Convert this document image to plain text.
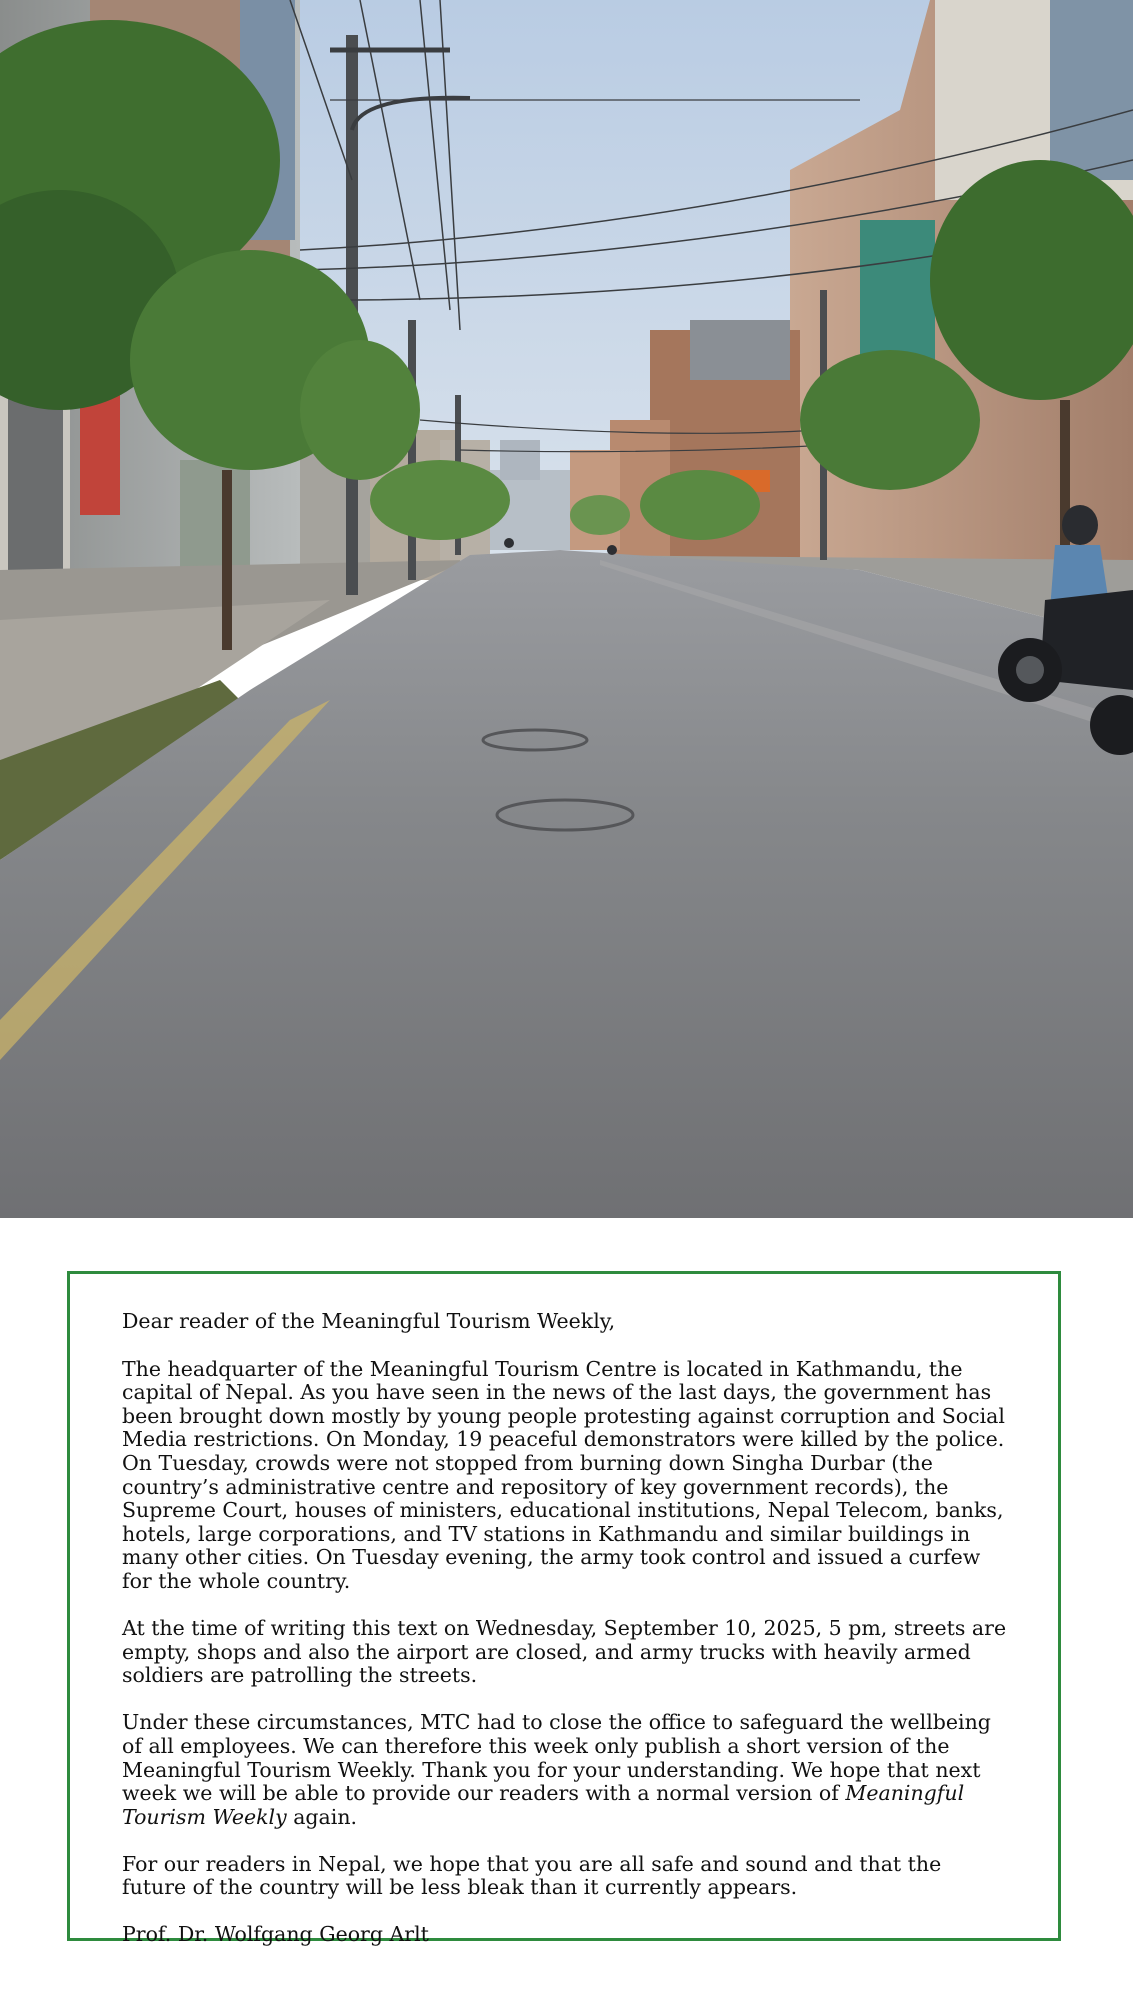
Dear reader of the Meaningful Tourism Weekly,

The headquarter of the Meaningful Tourism Centre is located in Kathmandu, the capital of Nepal. As you have seen in the news of the last days, the government has been brought down mostly by young people protesting against corruption and Social Media restrictions. On Monday, 19 peaceful demonstrators were killed by the police. On Tuesday, crowds were not stopped from burning down Singha Durbar (the country’s administrative centre and repository of key government records), the Supreme Court, houses of ministers, educational institutions, Nepal Telecom, banks, hotels, large corporations, and TV stations in Kathmandu and similar buildings in many other cities. On Tuesday evening, the army took control and issued a curfew for the whole country.

At the time of writing this text on Wednesday, September 10, 2025, 5 pm, streets are empty, shops and also the airport are closed, and army trucks with heavily armed soldiers are patrolling the streets.

Under these circumstances, MTC had to close the office to safeguard the wellbeing of all employees. We can therefore this week only publish a short version of the Meaningful Tourism Weekly. Thank you for your understanding. We hope that next week we will be able to provide our readers with a normal version of Meaningful Tourism Weekly again.

For our readers in Nepal, we hope that you are all safe and sound and that the future of the country will be less bleak than it currently appears.

Prof. Dr. Wolfgang Georg Arlt
